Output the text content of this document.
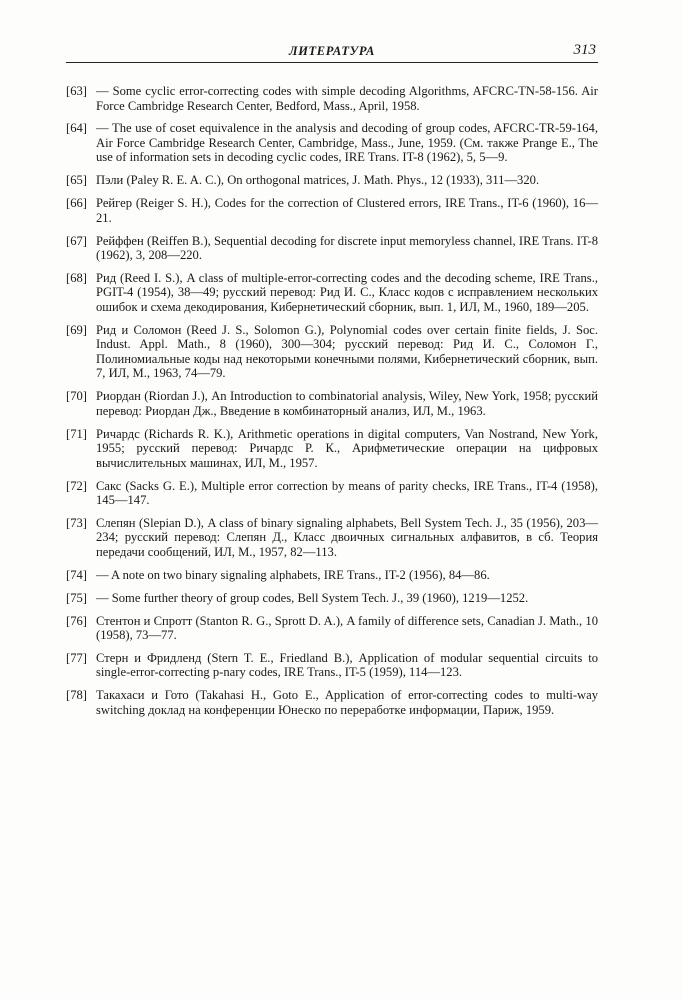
ЛИТЕРАТУРА	313
[63] — Some cyclic error-correcting codes with simple decoding Algorithms, AFCRC-TN-58-156. Air Force Cambridge Research Center, Bedford, Mass., April, 1958.
[64] — The use of coset equivalence in the analysis and decoding of group codes, AFCRC-TR-59-164, Air Force Cambridge Research Center, Cambridge, Mass., June, 1959. (См. также Prange E., The use of information sets in decoding cyclic codes, IRE Trans. IT-8 (1962), 5, 5—9.
[65] Пэли (Paley R. E. A. C.), On orthogonal matrices, J. Math. Phys., 12 (1933), 311—320.
[66] Рейгер (Reiger S. H.), Codes for the correction of Clustered errors, IRE Trans., IT-6 (1960), 16—21.
[67] Рейффен (Reiffen B.), Sequential decoding for discrete input memoryless channel, IRE Trans. IT-8 (1962), 3, 208—220.
[68] Рид (Reed I. S.), A class of multiple-error-correcting codes and the decoding scheme, IRE Trans., PGIT-4 (1954), 38—49; русский перевод: Рид И. С., Класс кодов с исправлением нескольких ошибок и схема декодирования, Кибернетический сборник, вып. 1, ИЛ, М., 1960, 189—205.
[69] Рид и Соломон (Reed J. S., Solomon G.), Polynomial codes over certain finite fields, J. Soc. Indust. Appl. Math., 8 (1960), 300—304; русский перевод: Рид И. С., Соломон Г., Полиномиальные коды над некоторыми конечными полями, Кибернетический сборник, вып. 7, ИЛ, М., 1963, 74—79.
[70] Риордан (Riordan J.), An Introduction to combinatorial analysis, Wiley, New York, 1958; русский перевод: Риордан Дж., Введение в комбинаторный анализ, ИЛ, М., 1963.
[71] Ричардс (Richards R. K.), Arithmetic operations in digital computers, Van Nostrand, New York, 1955; русский перевод: Ричардс Р. К., Арифметические операции на цифровых вычислительных машинах, ИЛ, М., 1957.
[72] Сакс (Sacks G. E.), Multiple error correction by means of parity checks, IRE Trans., IT-4 (1958), 145—147.
[73] Слепян (Slepian D.), A class of binary signaling alphabets, Bell System Tech. J., 35 (1956), 203—234; русский перевод: Слепян Д., Класс двоичных сигнальных алфавитов, в сб. Теория передачи сообщений, ИЛ, М., 1957, 82—113.
[74] — A note on two binary signaling alphabets, IRE Trans., IT-2 (1956), 84—86.
[75] — Some further theory of group codes, Bell System Tech. J., 39 (1960), 1219—1252.
[76] Стентон и Спротт (Stanton R. G., Sprott D. A.), A family of difference sets, Canadian J. Math., 10 (1958), 73—77.
[77] Стерн и Фридленд (Stern T. E., Friedland B.), Application of modular sequential circuits to single-error-correcting p-nary codes, IRE Trans., IT-5 (1959), 114—123.
[78] Такахаси и Гото (Takahasi H., Goto E., Application of error-correcting codes to multi-way switching доклад на конференции Юнеско по переработке информации, Париж, 1959.
